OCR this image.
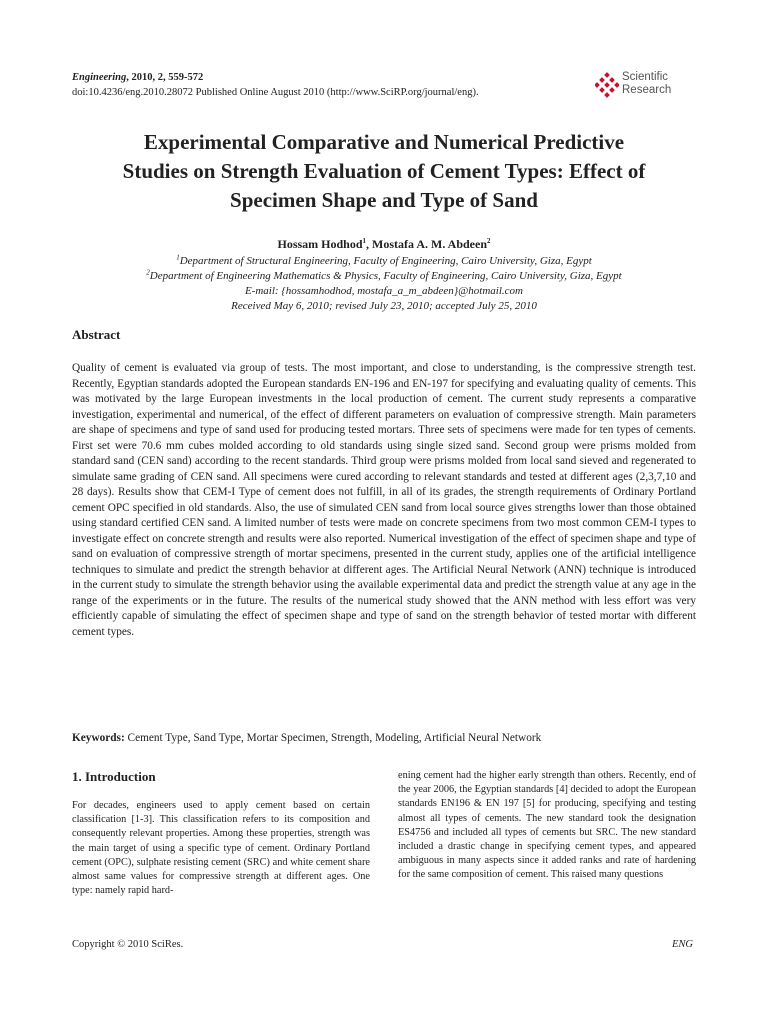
Engineering, 2010, 2, 559-572
doi:10.4236/eng.2010.28072 Published Online August 2010 (http://www.SciRP.org/journal/eng).
Scientific
Research
Experimental Comparative and Numerical Predictive
Studies on Strength Evaluation of Cement Types: Effect of
Specimen Shape and Type of Sand
Hossam Hodhod$^1$, Mostafa A. M. Abdeen$^2$
$^1$Department of Structural Engineering, Faculty of Engineering, Cairo University, Giza, Egypt
$^2$Department of Engineering Mathematics & Physics, Faculty of Engineering, Cairo University, Giza, Egypt
E-mail: {hossamhodhod, mostafa_a_m_abdeen}@hotmail.com
Received May 6, 2010; revised July 23, 2010; accepted July 25, 2010
Abstract
Quality of cement is evaluated via group of tests. The most important, and close to understanding, is the compressive strength test. Recently, Egyptian standards adopted the European standards EN-196 and EN-197 for specifying and evaluating quality of cements. This was motivated by the large European investments in the local production of cement. The current study represents a comparative investigation, experimental and numerical, of the effect of different parameters on evaluation of compressive strength. Main parameters are shape of specimens and type of sand used for producing tested mortars. Three sets of specimens were made for ten types of cements. First set were 70.6 mm cubes molded according to old standards using single sized sand. Second group were prisms molded from standard sand (CEN sand) according to the recent standards. Third group were prisms molded from local sand sieved and regenerated to simulate same grading of CEN sand. All specimens were cured according to relevant standards and tested at different ages (2,3,7,10 and 28 days). Results show that CEM-I Type of cement does not fulfill, in all of its grades, the strength requirements of Ordinary Portland cement OPC specified in old standards. Also, the use of simulated CEN sand from local source gives strengths lower than those obtained using standard certified CEN sand. A limited number of tests were made on concrete specimens from two most common CEM-I types to investigate effect on concrete strength and results were also reported. Numerical investigation of the effect of specimen shape and type of sand on evaluation of compressive strength of mortar specimens, presented in the current study, applies one of the artificial intelligence techniques to simulate and predict the strength behavior at different ages. The Artificial Neural Network (ANN) technique is introduced in the current study to simulate the strength behavior using the available experimental data and predict the strength value at any age in the range of the experiments or in the future. The results of the numerical study showed that the ANN method with less effort was very efficiently capable of simulating the effect of specimen shape and type of sand on the strength behavior of tested mortar with different cement types.
Keywords: Cement Type, Sand Type, Mortar Specimen, Strength, Modeling, Artificial Neural Network
1. Introduction
For decades, engineers used to apply cement based on certain classification [1-3]. This classification refers to its composition and consequently relevant properties. Among these properties, strength was the main target of using a specific type of cement. Ordinary Portland cement (OPC), sulphate resisting cement (SRC) and white cement share almost same values for compressive strength at different ages. One type: namely rapid hard-
ening cement had the higher early strength than others. Recently, end of the year 2006, the Egyptian standards [4] decided to adopt the European standards EN196 & EN 197 [5] for producing, specifying and testing almost all types of cements. The new standard took the designation ES4756 and included all types of cements but SRC. The new standard included a drastic change in specifying cement types, and appeared ambiguous in many aspects since it added ranks and rate of hardening for the same composition of cement. This raised many questions
Copyright © 2010 SciRes.	ENG
